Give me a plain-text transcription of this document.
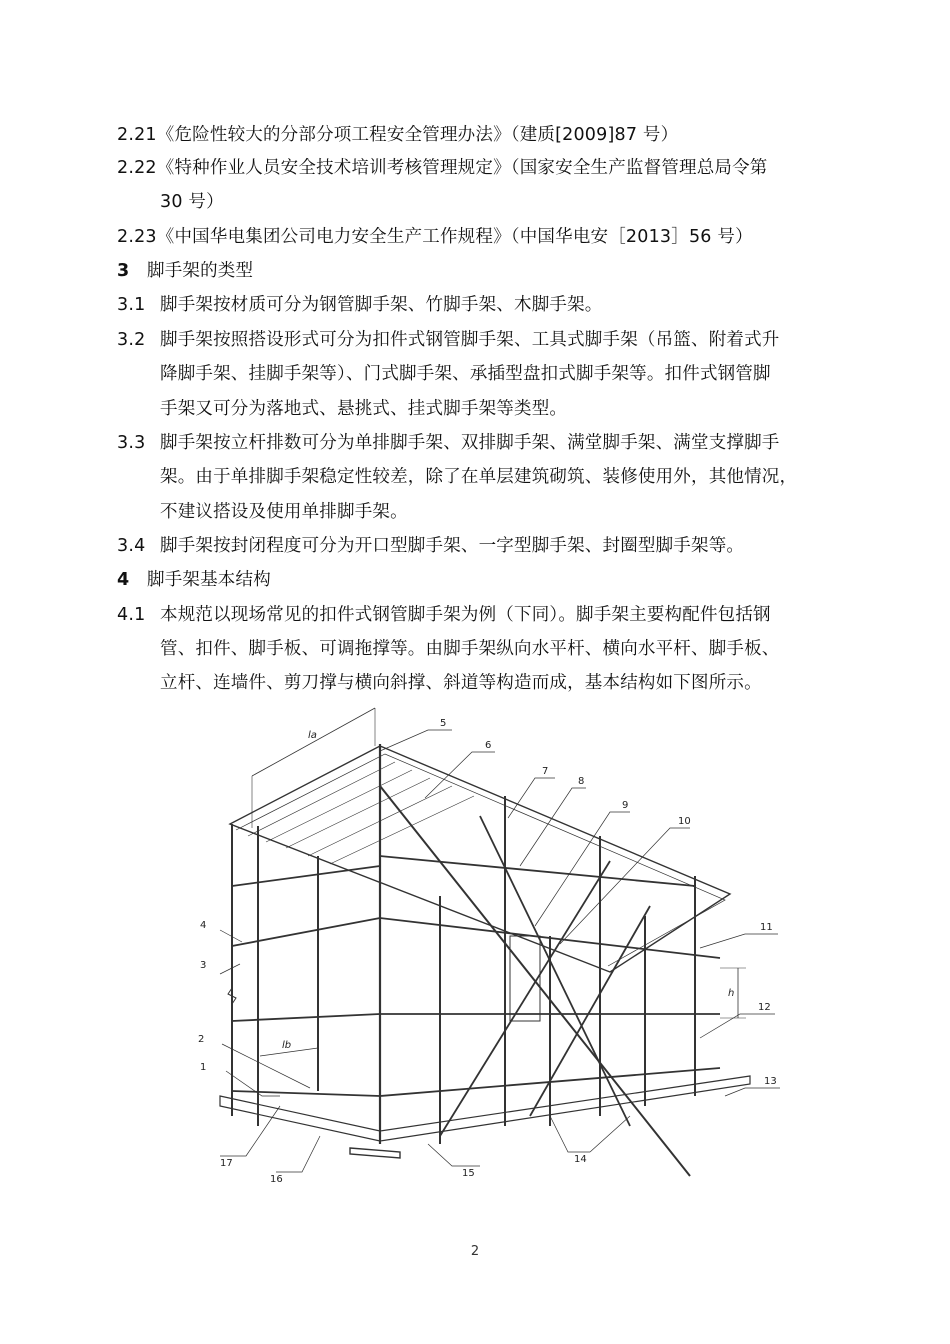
2.21《危险性较大的分部分项工程安全管理办法》（建质[2009]87 号）
2.22《特种作业人员安全技术培训考核管理规定》（国家安全生产监督管理总局令第
30 号）
2.23《中国华电集团公司电力安全生产工作规程》（中国华电安［2013］56 号）
3 脚手架的类型
3.1 脚手架按材质可分为钢管脚手架、竹脚手架、木脚手架。
3.2 脚手架按照搭设形式可分为扣件式钢管脚手架、工具式脚手架（吊篮、附着式升
降脚手架、挂脚手架等）、门式脚手架、承插型盘扣式脚手架等。扣件式钢管脚
手架又可分为落地式、悬挑式、挂式脚手架等类型。
3.3 脚手架按立杆排数可分为单排脚手架、双排脚手架、满堂脚手架、满堂支撑脚手
架。由于单排脚手架稳定性较差，除了在单层建筑砌筑、装修使用外，其他情况，
不建议搭设及使用单排脚手架。
3.4 脚手架按封闭程度可分为开口型脚手架、一字型脚手架、封圈型脚手架等。
4 脚手架基本结构
4.1 本规范以现场常见的扣件式钢管脚手架为例（下同）。脚手架主要构配件包括钢
管、扣件、脚手板、可调拖撑等。由脚手架纵向水平杆、横向水平杆、脚手板、
立杆、连墙件、剪刀撑与横向斜撑、斜道等构造而成，基本结构如下图所示。
5
6
7
8
9
10
11
12
13
14
15
16
17
2
1
4
3
la
lb
h
2
